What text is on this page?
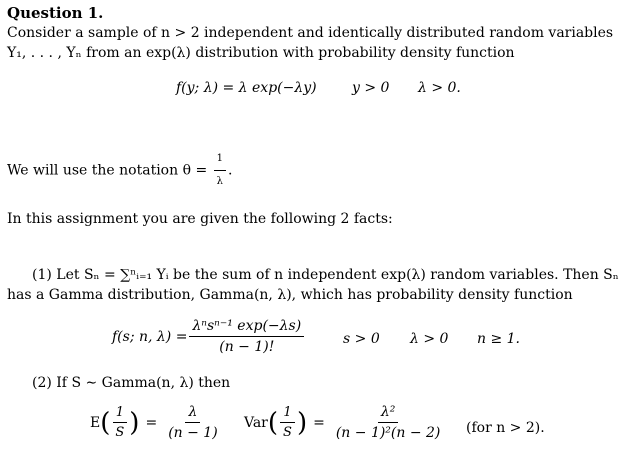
Question 1.
Consider a sample of n > 2 independent and identically distributed random variables
Y₁, . . . , Yₙ from an exp(λ) distribution with probability density function
f(y; λ) = λ exp(−λy)	y > 0 λ > 0.
We will use the notation $\theta = \frac{1}{\lambda}$ .
In this assignment you are given the following 2 facts:
(1) Let Sₙ = ∑ⁿᵢ₌₁ Yᵢ be the sum of n independent exp(λ) random variables. Then Sₙ
has a Gamma distribution, Gamma(n, λ), which has probability density function
f(s; n, $\lambda) = \frac{\text{λⁿsⁿ⁻¹ exp(−λs)}}{(n - 1)!}$	s > 0 λ > 0 n ≥ 1.
(2) If S ∼ Gamma(n, λ) then
E ( $\frac{1}{S}$ ) = $\frac{\lambda}{(n - 1)}$ Var ( $\frac{1}{S}$ ) = $\frac{\text{λ²}}{\text{(n − 1)²(n − 2)}} (for$ n > 2).
